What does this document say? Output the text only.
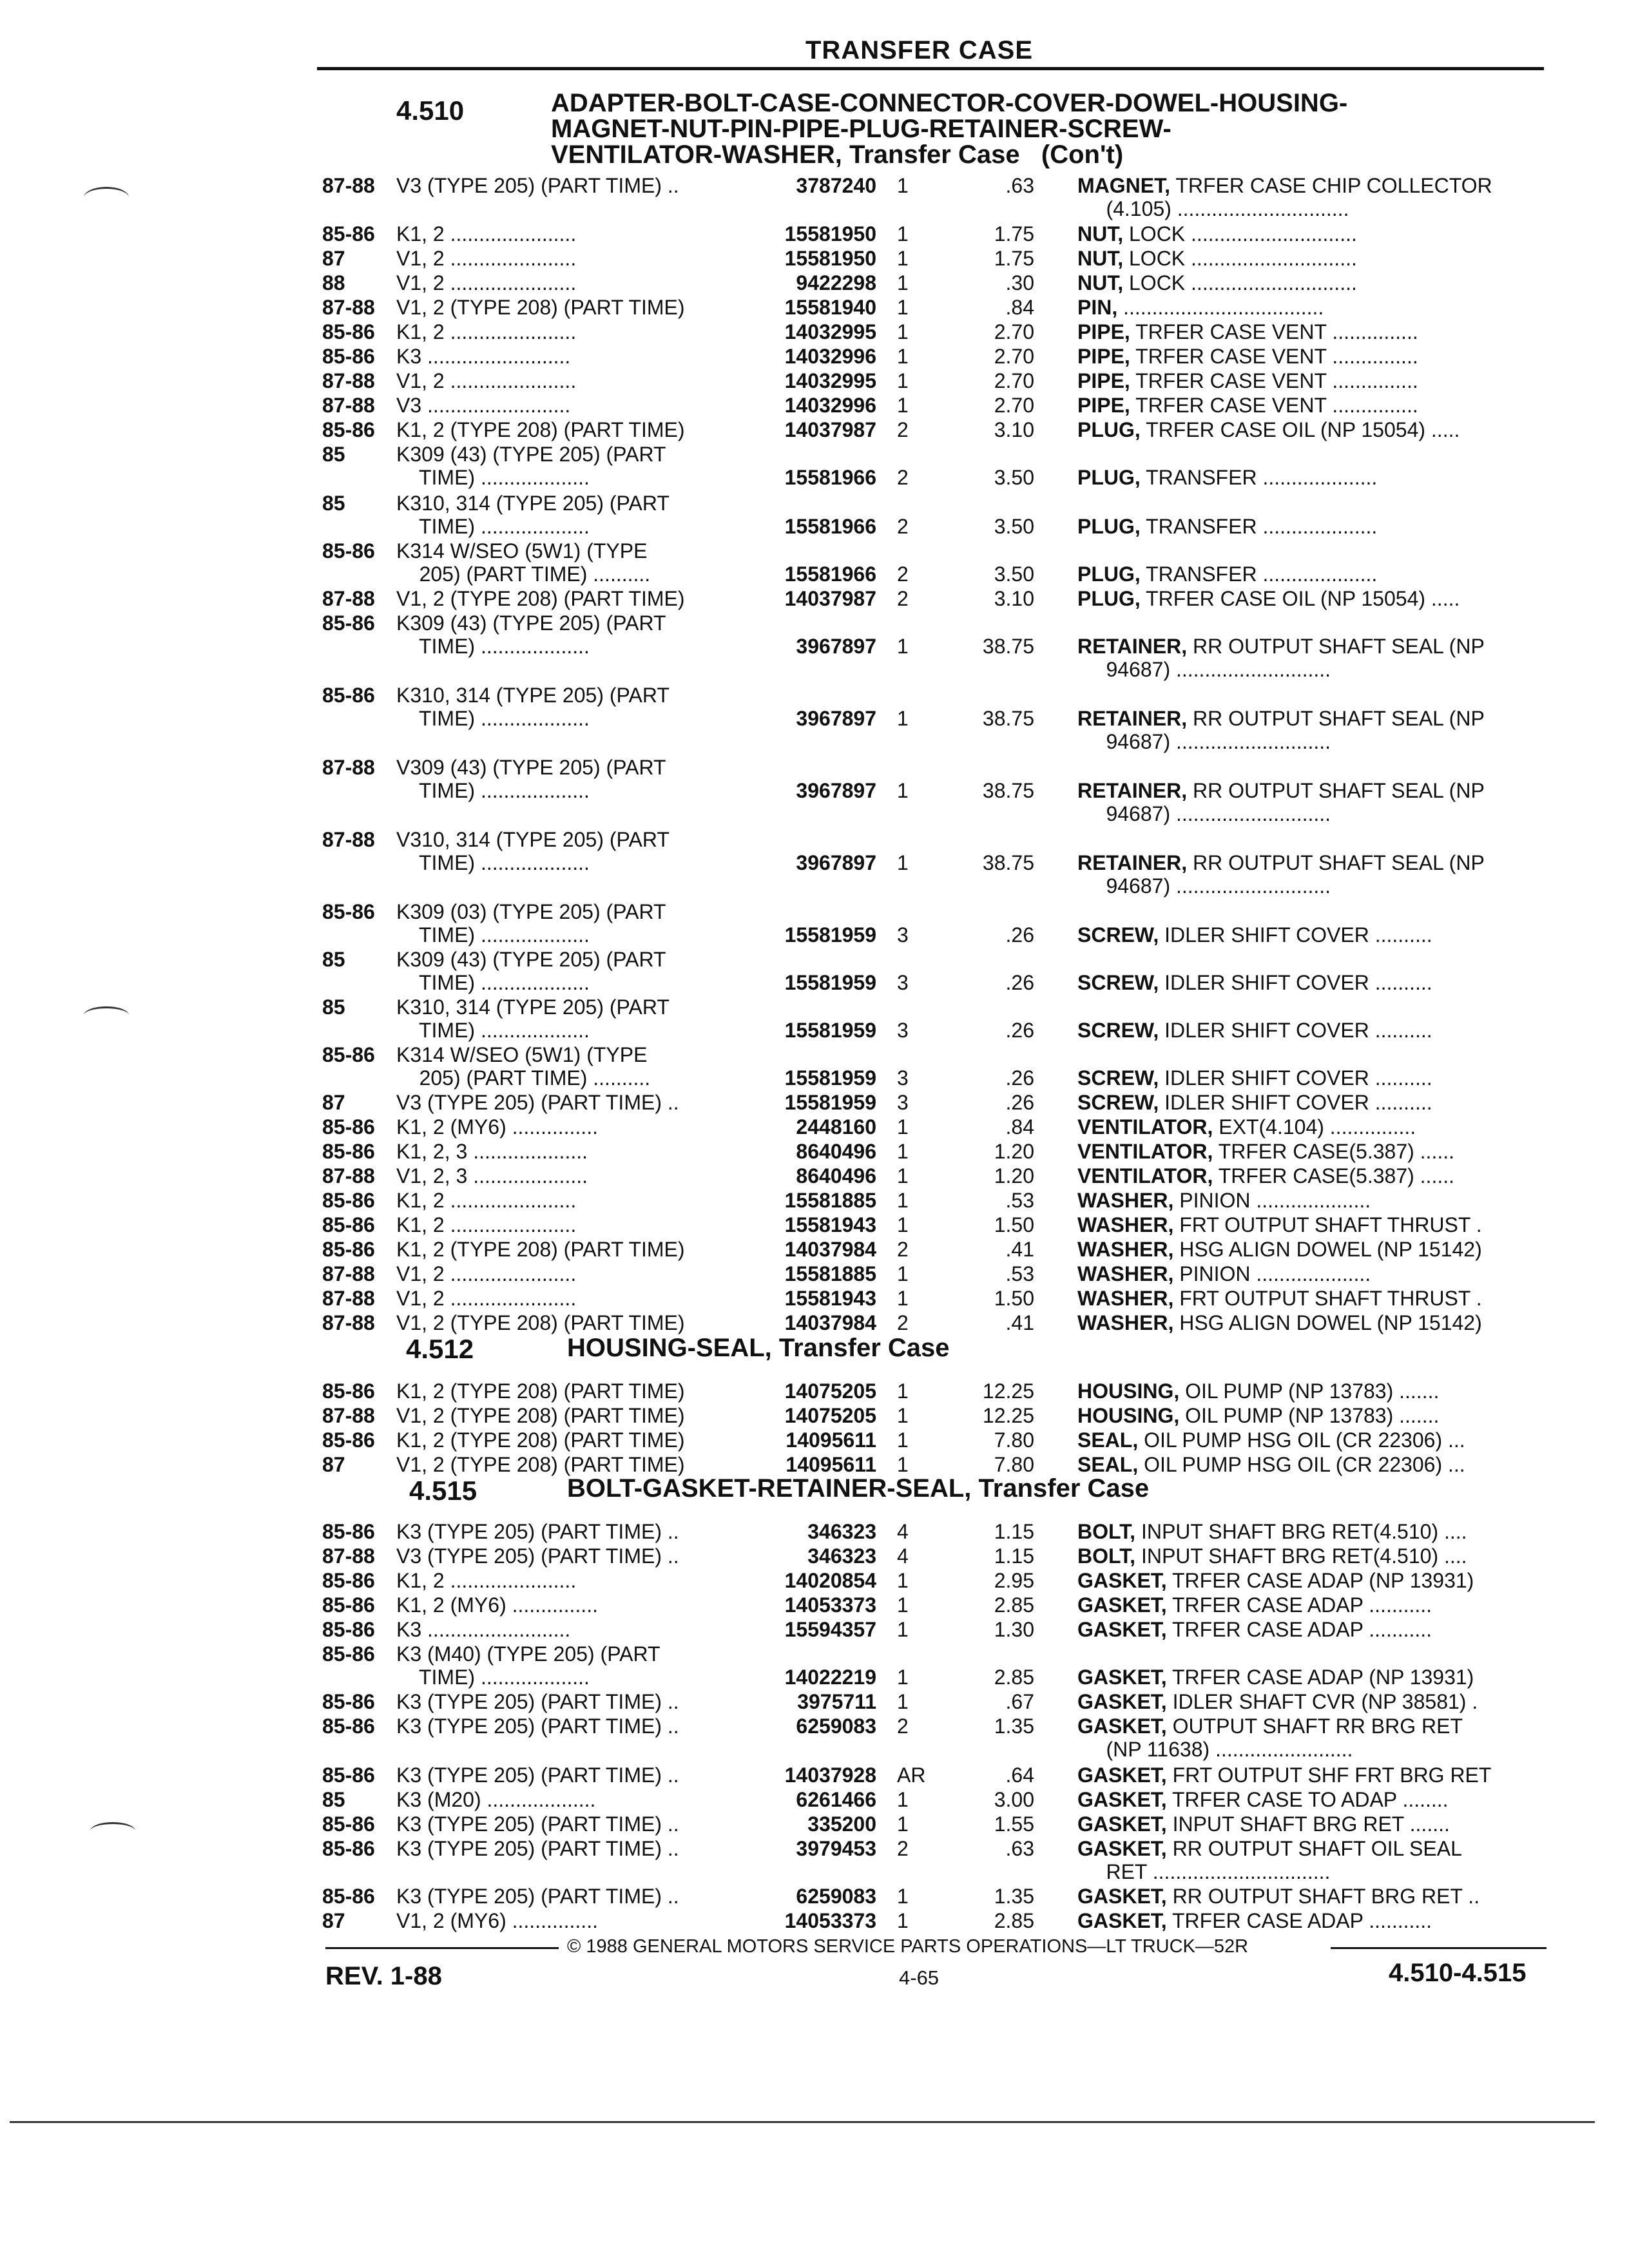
TRANSFER CASE
4.510	ADAPTER-BOLT-CASE-CONNECTOR-COVER-DOWEL-HOUSING-
MAGNET-NUT-PIN-PIPE-PLUG-RETAINER-SCREW-
VENTILATOR-WASHER, Transfer Case   (Con't)
4.512	HOUSING-SEAL, Transfer Case
4.515	BOLT-GASKET-RETAINER-SEAL, Transfer Case
87-88 V3 (TYPE 205) (PART TIME) ..	3787240 1	.63 MAGNET, TRFER CASE CHIP COLLECTOR
(4.105) ..............................
85-86 K1, 2 ......................	15581950 1	1.75 NUT, LOCK .............................
87 V1, 2 ......................	15581950 1	1.75 NUT, LOCK .............................
88 V1, 2 ......................	9422298 1	.30 NUT, LOCK .............................
87-88 V1, 2 (TYPE 208) (PART TIME)	15581940 1	.84 PIN, ...................................
85-86 K1, 2 ......................	14032995 1	2.70 PIPE, TRFER CASE VENT ...............
85-86 K3 .........................	14032996 1	2.70 PIPE, TRFER CASE VENT ...............
87-88 V1, 2 ......................	14032995 1	2.70 PIPE, TRFER CASE VENT ...............
87-88 V3 .........................	14032996 1	2.70 PIPE, TRFER CASE VENT ...............
85-86 K1, 2 (TYPE 208) (PART TIME)	14037987 2	3.10 PLUG, TRFER CASE OIL (NP 15054) .....
85 K309 (43) (TYPE 205) (PART

TIME) ...................	15581966 2	3.50 PLUG, TRANSFER ....................
85 K310, 314 (TYPE 205) (PART

TIME) ...................	15581966 2	3.50 PLUG, TRANSFER ....................
85-86 K314 W/SEO (5W1) (TYPE

205) (PART TIME) ..........	15581966 2	3.50 PLUG, TRANSFER ....................
87-88 V1, 2 (TYPE 208) (PART TIME)	14037987 2	3.10 PLUG, TRFER CASE OIL (NP 15054) .....
85-86 K309 (43) (TYPE 205) (PART

TIME) ...................	3967897 1	38.75 RETAINER, RR OUTPUT SHAFT SEAL (NP
94687) ...........................
85-86 K310, 314 (TYPE 205) (PART

TIME) ...................	3967897 1	38.75 RETAINER, RR OUTPUT SHAFT SEAL (NP
94687) ...........................
87-88 V309 (43) (TYPE 205) (PART

TIME) ...................	3967897 1	38.75 RETAINER, RR OUTPUT SHAFT SEAL (NP
94687) ...........................
87-88 V310, 314 (TYPE 205) (PART

TIME) ...................	3967897 1	38.75 RETAINER, RR OUTPUT SHAFT SEAL (NP
94687) ...........................
85-86 K309 (03) (TYPE 205) (PART

TIME) ...................	15581959 3	.26 SCREW, IDLER SHIFT COVER ..........
85 K309 (43) (TYPE 205) (PART

TIME) ...................	15581959 3	.26 SCREW, IDLER SHIFT COVER ..........
85 K310, 314 (TYPE 205) (PART

TIME) ...................	15581959 3	.26 SCREW, IDLER SHIFT COVER ..........
85-86 K314 W/SEO (5W1) (TYPE

205) (PART TIME) ..........	15581959 3	.26 SCREW, IDLER SHIFT COVER ..........
87 V3 (TYPE 205) (PART TIME) ..	15581959 3	.26 SCREW, IDLER SHIFT COVER ..........
85-86 K1, 2 (MY6) ...............	2448160 1	.84 VENTILATOR, EXT(4.104) ...............
85-86 K1, 2, 3 ....................	8640496 1	1.20 VENTILATOR, TRFER CASE(5.387) ......
87-88 V1, 2, 3 ....................	8640496 1	1.20 VENTILATOR, TRFER CASE(5.387) ......
85-86 K1, 2 ......................	15581885 1	.53 WASHER, PINION ....................
85-86 K1, 2 ......................	15581943 1	1.50 WASHER, FRT OUTPUT SHAFT THRUST .
85-86 K1, 2 (TYPE 208) (PART TIME)	14037984 2	.41 WASHER, HSG ALIGN DOWEL (NP 15142)
87-88 V1, 2 ......................	15581885 1	.53 WASHER, PINION ....................
87-88 V1, 2 ......................	15581943 1	1.50 WASHER, FRT OUTPUT SHAFT THRUST .
87-88 V1, 2 (TYPE 208) (PART TIME)	14037984 2	.41 WASHER, HSG ALIGN DOWEL (NP 15142)
85-86 K1, 2 (TYPE 208) (PART TIME)	14075205 1	12.25 HOUSING, OIL PUMP (NP 13783) .......
87-88 V1, 2 (TYPE 208) (PART TIME)	14075205 1	12.25 HOUSING, OIL PUMP (NP 13783) .......
85-86 K1, 2 (TYPE 208) (PART TIME)	14095611 1	7.80 SEAL, OIL PUMP HSG OIL (CR 22306) ...
87 V1, 2 (TYPE 208) (PART TIME)	14095611 1	7.80 SEAL, OIL PUMP HSG OIL (CR 22306) ...
85-86 K3 (TYPE 205) (PART TIME) ..	346323 4	1.15 BOLT, INPUT SHAFT BRG RET(4.510) ....
87-88 V3 (TYPE 205) (PART TIME) ..	346323 4	1.15 BOLT, INPUT SHAFT BRG RET(4.510) ....
85-86 K1, 2 ......................	14020854 1	2.95 GASKET, TRFER CASE ADAP (NP 13931)
85-86 K1, 2 (MY6) ...............	14053373 1	2.85 GASKET, TRFER CASE ADAP ...........
85-86 K3 .........................	15594357 1	1.30 GASKET, TRFER CASE ADAP ...........
85-86 K3 (M40) (TYPE 205) (PART

TIME) ...................	14022219 1	2.85 GASKET, TRFER CASE ADAP (NP 13931)
85-86 K3 (TYPE 205) (PART TIME) ..	3975711 1	.67 GASKET, IDLER SHAFT CVR (NP 38581) .
85-86 K3 (TYPE 205) (PART TIME) ..	6259083 2	1.35 GASKET, OUTPUT SHAFT RR BRG RET
(NP 11638) ........................
85-86 K3 (TYPE 205) (PART TIME) ..	14037928 AR	.64 GASKET, FRT OUTPUT SHF FRT BRG RET
85 K3 (M20) ...................	6261466 1	3.00 GASKET, TRFER CASE TO ADAP ........
85-86 K3 (TYPE 205) (PART TIME) ..	335200 1	1.55 GASKET, INPUT SHAFT BRG RET .......
85-86 K3 (TYPE 205) (PART TIME) ..	3979453 2	.63 GASKET, RR OUTPUT SHAFT OIL SEAL
RET ...............................
85-86 K3 (TYPE 205) (PART TIME) ..	6259083 1	1.35 GASKET, RR OUTPUT SHAFT BRG RET ..
87 V1, 2 (MY6) ...............	14053373 1	2.85 GASKET, TRFER CASE ADAP ...........
© 1988 GENERAL MOTORS SERVICE PARTS OPERATIONS—LT TRUCK—52R
REV. 1-88	4-65	4.510-4.515
